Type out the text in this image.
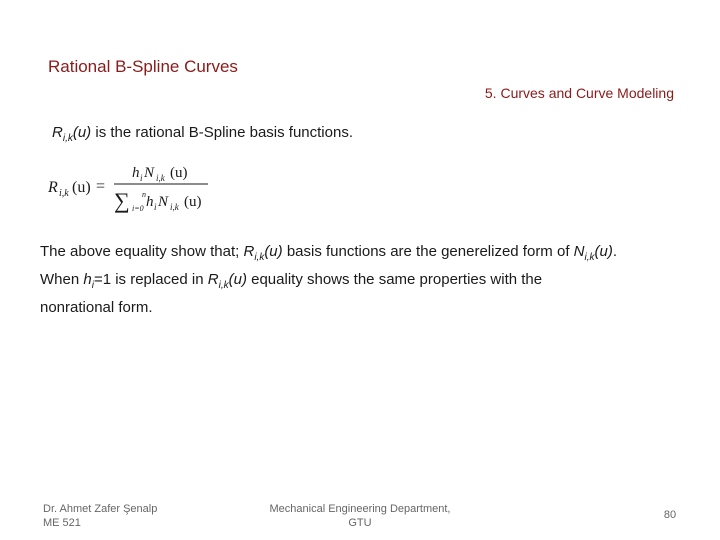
Rational B-Spline Curves
5. Curves and Curve Modeling
$R_{i,k}(u)$ is the rational B-Spline basis functions.
R i,k (u) =
h i N i,k (u)
∑ n
i=0 h i N i,k (u)
The above equality show that; $R_{i,k}(u)$ basis functions are the generelized form of $N_{i,k}(u)$.
When $h_i=1$ is replaced in $R_{i,k}(u)$ equality shows the same properties with the
nonrational form.
Dr. Ahmet Zafer Şenalp
ME 521
Mechanical Engineering Department,
GTU
80
